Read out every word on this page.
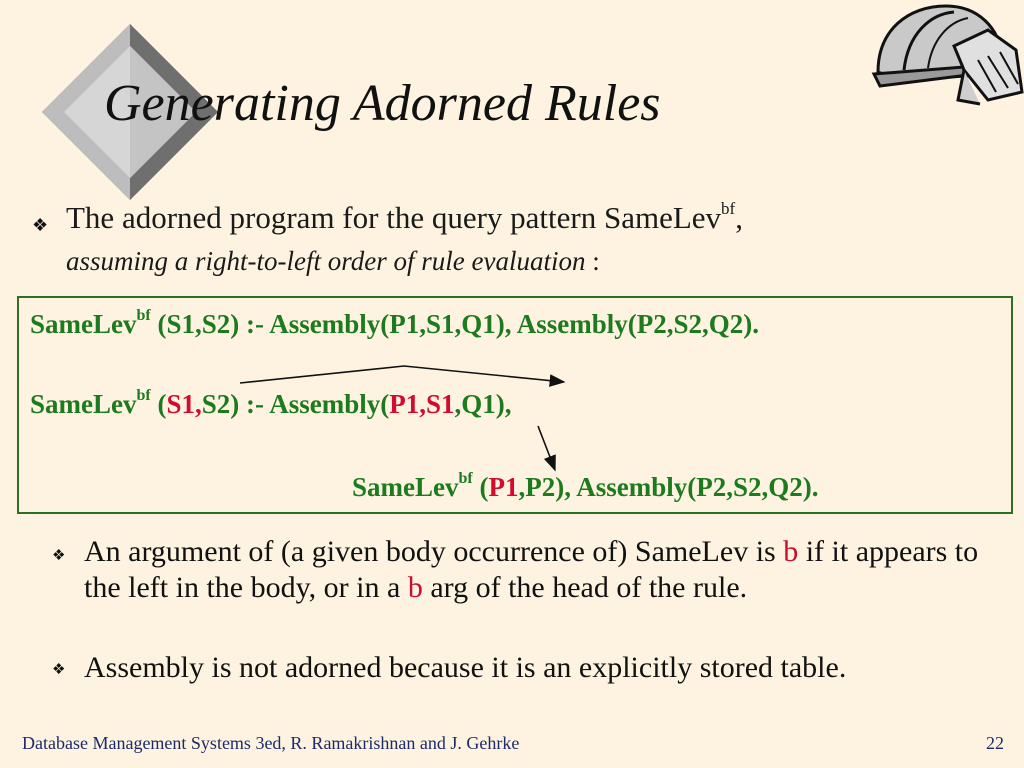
Generating Adorned Rules
❖ The adorned program for the query pattern SameLev$^{bf}$,
assuming a right-to-left order of rule evaluation :
SameLev$^{bf}$ (S1,S2) :- Assembly(P1,S1,Q1), Assembly(P2,S2,Q2).
SameLev$^{bf}$ (S1,S2) :- Assembly(P1,S1,Q1),
SameLev$^{bf}$ (P1,P2), Assembly(P2,S2,Q2).
❖ An argument of (a given body occurrence of) SameLev is b if it appears to the left in the body, or in a b arg of the head of the rule.
❖ Assembly is not adorned because it is an explicitly stored table.
Database Management Systems 3ed, R. Ramakrishnan and J. Gehrke	22
